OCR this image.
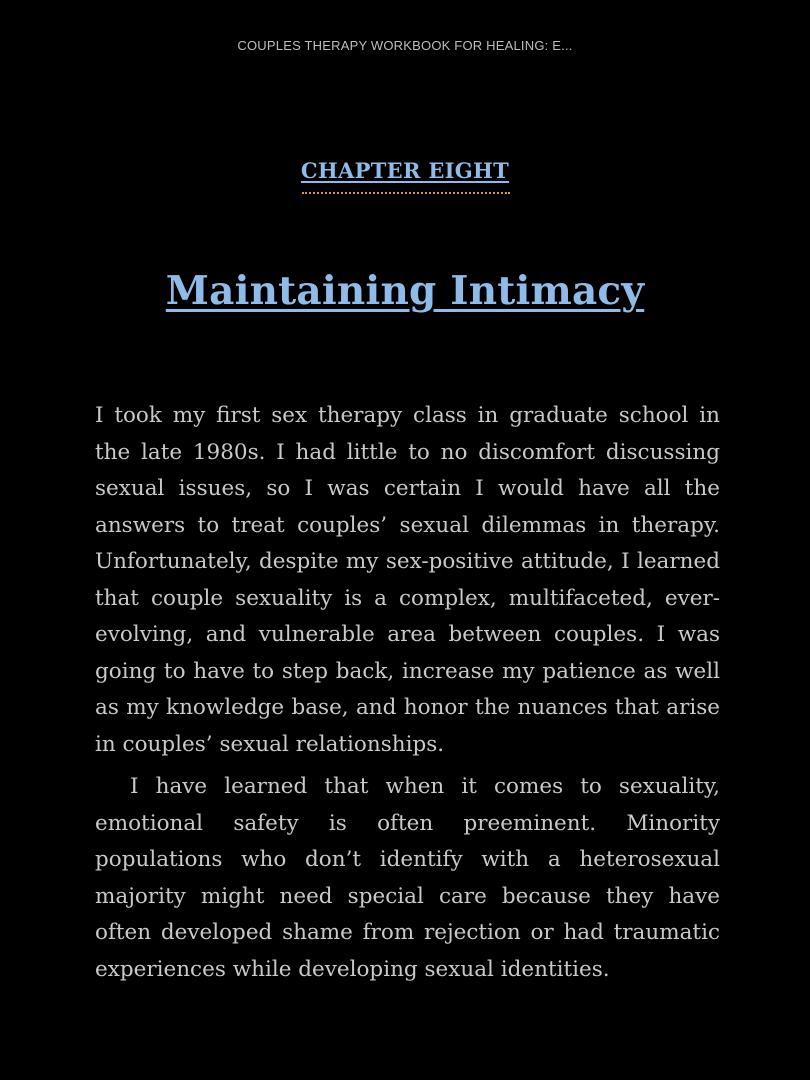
COUPLES THERAPY WORKBOOK FOR HEALING: E...
CHAPTER EIGHT
Maintaining Intimacy

I took my first sex therapy class in graduate school in the late 1980s. I had little to no discomfort discussing sexual issues, so I was certain I would have all the answers to treat couples’ sexual dilemmas in therapy. Unfortunately, despite my sex-positive attitude, I learned that couple sexuality is a complex, multifaceted, ever-evolving, and vulnerable area between couples. I was going to have to step back, increase my patience as well as my knowledge base, and honor the nuances that arise in couples’ sexual relationships.

I have learned that when it comes to sexuality, emotional safety is often preeminent. Minority populations who don’t identify with a heterosexual majority might need special care because they have often developed shame from rejection or had traumatic experiences while developing sexual identities.
